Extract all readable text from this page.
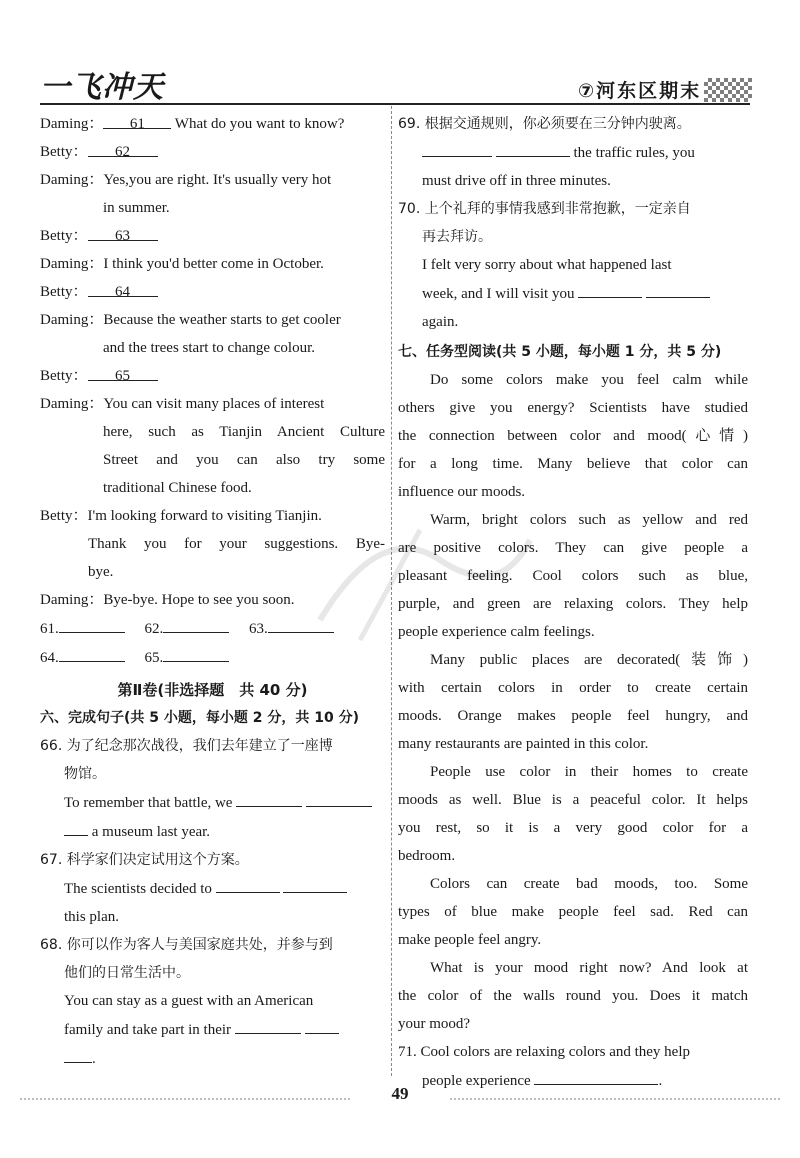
一飞冲天	⑦河东区期末
Daming： 61 What do you want to know?
Betty： 62
Daming：Yes,you are right. It's usually very hot
in summer.
Betty： 63
Daming：I think you'd better come in October.
Betty： 64
Daming：Because the weather starts to get cooler
and the trees start to change colour.
Betty： 65
Daming：You can visit many places of interest
here, such as Tianjin Ancient Culture
Street and you can also try some
traditional Chinese food.
Betty：I'm looking forward to visiting Tianjin.
Thank you for your suggestions. Bye-
bye.
Daming：Bye-bye. Hope to see you soon.
61.	62.	63.
64.	65.
第Ⅱ卷(非选择题　共 40 分)
六、完成句子(共 5 小题，每小题 2 分，共 10 分)
66. 为了纪念那次战役，我们去年建立了一座博
物馆。
To remember that battle, we
a museum last year.
67. 科学家们决定试用这个方案。
The scientists decided to
this plan.
68. 你可以作为客人与美国家庭共处，并参与到
他们的日常生活中。
You can stay as a guest with an American
family and take part in their
.
69. 根据交通规则，你必须要在三分钟内驶离。
the traffic rules, you
must drive off in three minutes.
70. 上个礼拜的事情我感到非常抱歉，一定亲自
再去拜访。
I felt very sorry about what happened last
week, and I will visit you
again.
七、任务型阅读(共 5 小题，每小题 1 分，共 5 分)
Do some colors make you feel calm while
others give you energy? Scientists have studied
the connection between color and mood(心情)
for a long time. Many believe that color can
influence our moods.
Warm, bright colors such as yellow and red
are positive colors. They can give people a
pleasant feeling. Cool colors such as blue,
purple, and green are relaxing colors. They help
people experience calm feelings.
Many public places are decorated(装饰)
with certain colors in order to create certain
moods. Orange makes people feel hungry, and
many restaurants are painted in this color.
People use color in their homes to create
moods as well. Blue is a peaceful color. It helps
you rest, so it is a very good color for a
bedroom.
Colors can create bad moods, too. Some
types of blue make people feel sad. Red can
make people feel angry.
What is your mood right now? And look at
the color of the walls round you. Does it match
your mood?
71. Cool colors are relaxing colors and they help
people experience	.
49
